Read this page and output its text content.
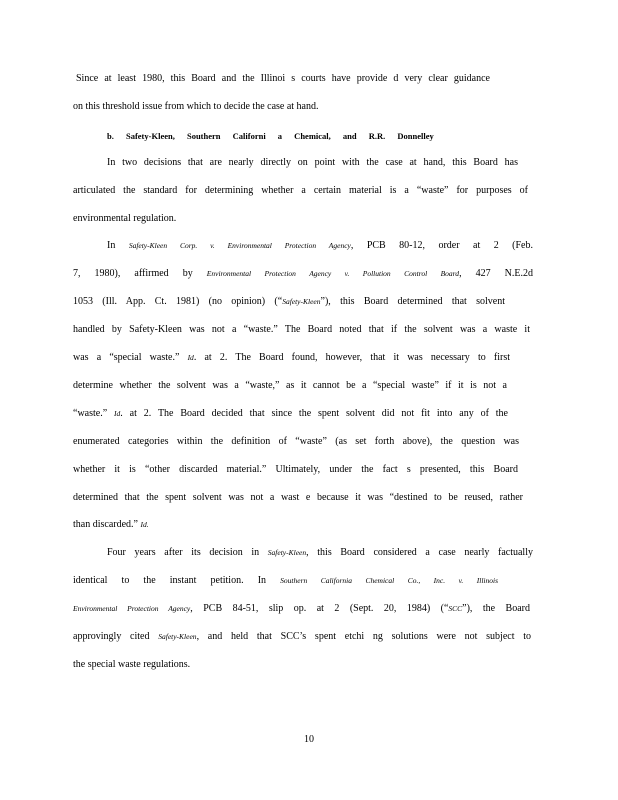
Since at least 1980, this Board and the Illinoi s courts have provide d very clear guidance
on this threshold issue from which to decide the case at hand.
b. Safety-Kleen, Southern Californi a Chemical, and R.R. Donnelley
In two decisions that are nearly directly on point with the case at hand, this Board has
articulated the standard for determining whether a certain material is a “waste” for purposes of
environmental regulation.
In Safety-Kleen Corp. v. Environmental Protection Agency, PCB 80-12, order at 2 (Feb.
7, 1980), affirmed by Environmental Protection Agency v. Pollution Control Board, 427 N.E.2d
1053 (Ill. App. Ct. 1981) (no opinion) (“Safety-Kleen”), this Board determined that solvent
handled by Safety-Kleen was not a “waste.” The Board noted that if the solvent was a waste it
was a “special waste.” Id. at 2. The Board found, however, that it was necessary to first
determine whether the solvent was a “waste,” as it cannot be a “special waste” if it is not a
“waste.” Id. at 2. The Board decided that since the spent solvent did not fit into any of the
enumerated categories within the definition of “waste” (as set forth above), the question was
whether it is “other discarded material.” Ultimately, under the fact s presented, this Board
determined that the spent solvent was not a wast e because it was “destined to be reused, rather
than discarded.” Id.
Four years after its decision in Safety-Kleen, this Board considered a case nearly factually
identical to the instant petition. In Southern California Chemical Co., Inc. v. Illinois
Environmental Protection Agency, PCB 84-51, slip op. at 2 (Sept. 20, 1984) (“SCC”), the Board
approvingly cited Safety-Kleen, and held that SCC’s spent etchi ng solutions were not subject to
the special waste regulations.
10
